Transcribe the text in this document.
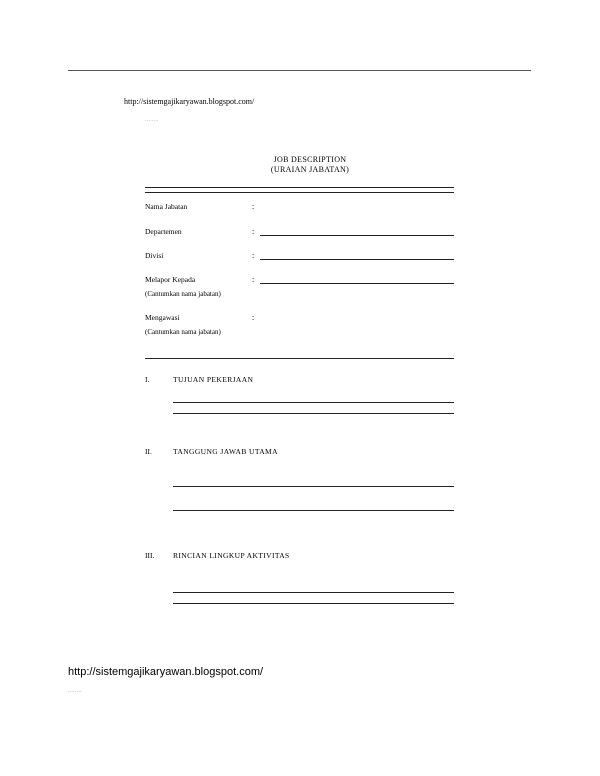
http://sistemgajikaryawan.blogspot.com/
........
JOB DESCRIPTION
(URAIAN JABATAN)
Nama Jabatan	:
Departemen	:
Divisi	:
Melapor Kepada	:
(Cantumkan nama jabatan)
Mengawasi	:
(Cantumkan nama jabatan)
I.	TUJUAN PEKERJAAN
II.	TANGGUNG JAWAB UTAMA
III. RINCIAN LINGKUP AKTIVITAS
http://sistemgajikaryawan.blogspot.com/
........
